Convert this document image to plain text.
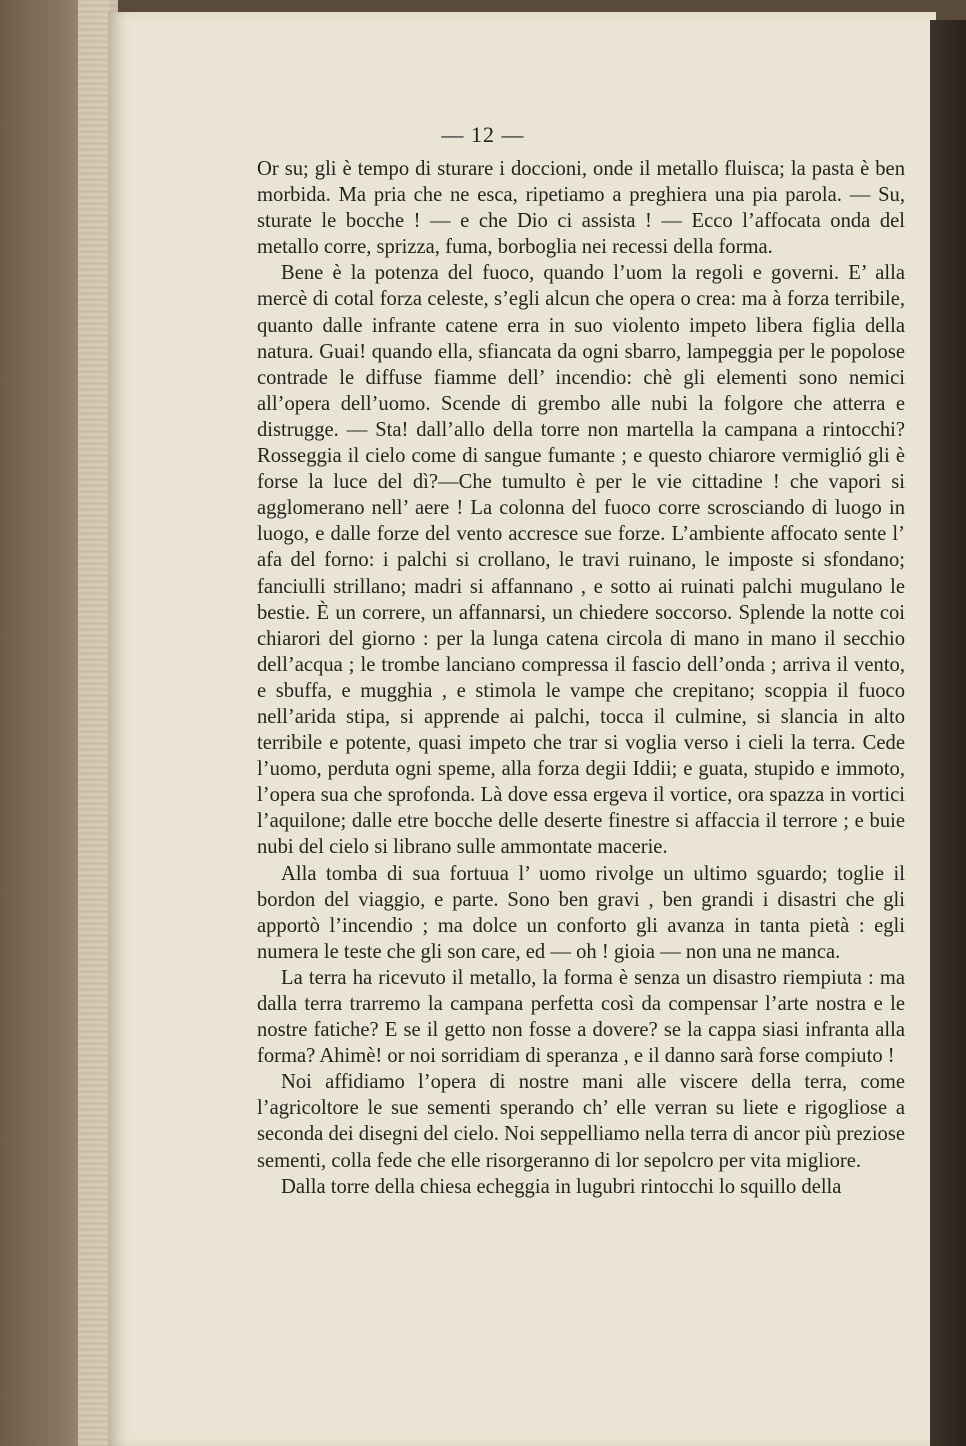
— 12 —

Or su; gli è tempo di sturare i doccioni, onde il metallo fluisca; la pasta è ben morbida. Ma pria che ne esca, ripetiamo a preghiera una pia parola. — Su, sturate le bocche ! — e che Dio ci assista ! — Ecco l’affocata onda del metallo corre, sprizza, fuma, borboglia nei recessi della forma.

Bene è la potenza del fuoco, quando l’uom la regoli e governi. E’ alla mercè di cotal forza celeste, s’egli alcun che opera o crea: ma à forza terribile, quanto dalle infrante catene erra in suo violento impeto libera figlia della natura. Guai! quando ella, sfiancata da ogni sbarro, lampeggia per le popolose contrade le diffuse fiamme dell’ incendio: chè gli elementi sono nemici all’opera dell’uomo. Scende di grembo alle nubi la folgore che atterra e distrugge. — Sta! dall’allo della torre non martella la campana a rintocchi? Rosseggia il cielo come di sangue fumante ; e questo chiarore vermiglió gli è forse la luce del dì?—Che tumulto è per le vie cittadine ! che vapori si agglomerano nell’ aere ! La colonna del fuoco corre scrosciando di luogo in luogo, e dalle forze del vento accresce sue forze. L’ambiente affocato sente l’ afa del forno: i palchi si crollano, le travi ruinano, le imposte si sfondano; fanciulli strillano; madri si affannano , e sotto ai ruinati palchi mugulano le bestie. È un correre, un affannarsi, un chiedere soccorso. Splende la notte coi chiarori del giorno : per la lunga catena circola di mano in mano il secchio dell’acqua ; le trombe lanciano compressa il fascio dell’onda ; arriva il vento, e sbuffa, e mugghia , e stimola le vampe che crepitano; scoppia il fuoco nell’arida stipa, si apprende ai palchi, tocca il culmine, si slancia in alto terribile e potente, quasi impeto che trar si voglia verso i cieli la terra. Cede l’uomo, perduta ogni speme, alla forza degii Iddii; e guata, stupido e immoto, l’opera sua che sprofonda. Là dove essa ergeva il vortice, ora spazza in vortici l’aquilone; dalle etre bocche delle deserte finestre si affaccia il terrore ; e buie nubi del cielo si librano sulle ammontate macerie.

Alla tomba di sua fortuua l’ uomo rivolge un ultimo sguardo; toglie il bordon del viaggio, e parte. Sono ben gravi , ben grandi i disastri che gli apportò l’incendio ; ma dolce un conforto gli avanza in tanta pietà : egli numera le teste che gli son care, ed — oh ! gioia — non una ne manca.

La terra ha ricevuto il metallo, la forma è senza un disastro riempiuta : ma dalla terra trarremo la campana perfetta così da compensar l’arte nostra e le nostre fatiche? E se il getto non fosse a dovere? se la cappa siasi infranta alla forma? Ahimè! or noi sorridiam di speranza , e il danno sarà forse compiuto !

Noi affidiamo l’opera di nostre mani alle viscere della terra, come l’agricoltore le sue sementi sperando ch’ elle verran su liete e rigogliose a seconda dei disegni del cielo. Noi seppelliamo nella terra di ancor più preziose sementi, colla fede che elle risorgeranno di lor sepolcro per vita migliore.

Dalla torre della chiesa echeggia in lugubri rintocchi lo squillo della
